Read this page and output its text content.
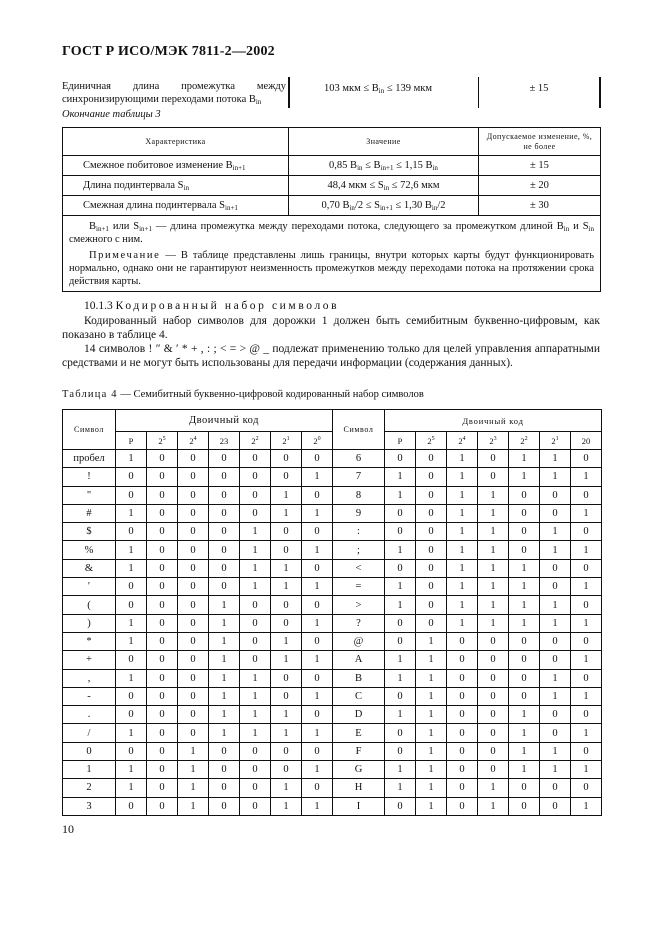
ГОСТ Р ИСО/МЭК 7811-2—2002
Единичная длина промежутка между синхронизирующими переходами потока $B_{in}$
103 мкм ≤ $B_{in} \le 139$ мкм	± 15
Окончание таблицы 3
Характеристика	Значение	Допускаемое изменение, %, не более
Смежное побитовое изменение $B_{in+1}$	0,85 $B_{in} \le B_{in+1} \le 1,15$ $B_{in}$	± 15
Длина подинтервала $S_{in}$	48,4 мкм ≤ $S_{in} \le 72,6$ мкм	± 20
Смежная длина подинтервала $S_{in+1}$	0,70 $B_{in}/2 \le S_{in+1} \le 1,30$ $B_{in}/2$	± 30

$B_{in+1}$ или $S_{in+1}$ — длина промежутка между переходами потока, следующего за промежутком длиной $B_{in}$ и $S_{in}$ смежного с ним.

Примечание — В таблице представлены лишь границы, внутри которых карты будут функционировать нормально, однако они не гарантируют неизменность промежутков между переходами потока на протяжении срока действия карты.		

10.1.3 Кодированный набор символов

Кодированный набор символов для дорожки 1 должен быть семибитным буквенно-цифровым, как показано в таблице 4.

14 символов ! ″ & ′ * + , : ; < = > @ _ подлежат применению только для целей управления аппаратными средствами и не могут быть использованы для передачи информации (содержания данных).

Таблица 4 — Семибитный буквенно-цифровой кодированный набор символов
Символ	Двоичный код							Символ	Двоичный код						
	P	$2^5$	$2^4$	23	$2^2$	$2^1$	$2^0$		P	$2^5$	$2^4$	$2^3$	$2^2$	$2^1$	20
пробел	1	0	0	0	0	0	0	6	0	0	1	0	1	1	0
!	0	0	0	0	0	0	1	7	1	0	1	0	1	1	1
"	0	0	0	0	0	1	0	8	1	0	1	1	0	0	0
#	1	0	0	0	0	1	1	9	0	0	1	1	0	0	1
$	0	0	0	0	1	0	0	:	0	0	1	1	0	1	0
%	1	0	0	0	1	0	1	;	1	0	1	1	0	1	1
&	1	0	0	0	1	1	0	<	0	0	1	1	1	0	0
′	0	0	0	0	1	1	1	=	1	0	1	1	1	0	1
(	0	0	0	1	0	0	0	>	1	0	1	1	1	1	0
)	1	0	0	1	0	0	1	?	0	0	1	1	1	1	1
*	1	0	0	1	0	1	0	@	0	1	0	0	0	0	0
+	0	0	0	1	0	1	1	A	1	1	0	0	0	0	1
,	1	0	0	1	1	0	0	B	1	1	0	0	0	1	0
-	0	0	0	1	1	0	1	C	0	1	0	0	0	1	1
.	0	0	0	1	1	1	0	D	1	1	0	0	1	0	0
/	1	0	0	1	1	1	1	E	0	1	0	0	1	0	1
0	0	0	1	0	0	0	0	F	0	1	0	0	1	1	0
1	1	0	1	0	0	0	1	G	1	1	0	0	1	1	1
2	1	0	1	0	0	1	0	H	1	1	0	1	0	0	0
3	0	0	1	0	0	1	1	I	0	1	0	1	0	0	1
10
